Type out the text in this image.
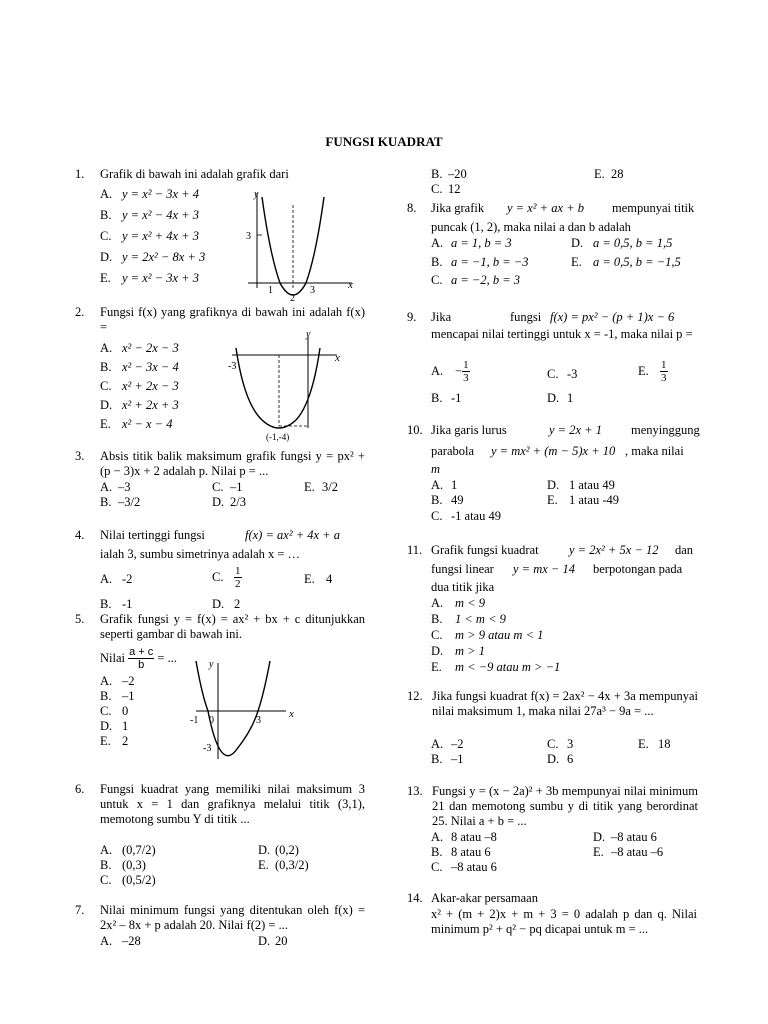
FUNGSI KUADRAT
1. Grafik di bawah ini adalah grafik dari
A. y = x² − 3x + 4
B. y = x² − 4x + 3
C. y = x² + 4x + 3
D. y = 2x² − 8x + 3
E. y = x² − 3x + 3
y
x
3
1	3
2
2. Fungsi f(x) yang grafiknya di bawah ini adalah f(x) =
A. x² − 2x − 3
B. x² − 3x − 4
C. x² + 2x − 3
D. x² + 2x + 3
E. x² − x − 4
y
x
-3
(-1,-4)
3. Absis titik balik maksimum grafik fungsi y = px² + (p − 3)x + 2 adalah p. Nilai p = ...
A. –3	C. –1	E. 3/2
B. –3/2	D. 2/3
4. Nilai tertinggi fungsi	f(x) = ax² + 4x + a
ialah 3, sumbu simetrinya adalah x = …
A. -2	C. $\frac{1}{2}$	E. 4
B. -1	D. 2
5. Grafik fungsi y = f(x) = ax² + bx + c ditunjukkan seperti gambar di bawah ini.
Nilai $\frac{a + c}{b}$ = ...
A. –2
B. –1
C. 0
D. 1
E. 2
y
x
-1 0	3
-3
6. Fungsi kuadrat yang memiliki nilai maksimum 3 untuk x = 1 dan grafiknya melalui titik (3,1), memotong sumbu Y di titik ...
A. (0,7/2)	D. (0,2)
B. (0,3)	E. (0,3/2)
C. (0,5/2)
7. Nilai minimum fungsi yang ditentukan oleh f(x) = 2x² – 8x + p adalah 20. Nilai f(2) = ...
A. –28	D. 20
B. –20	E. 28
C. 12
8. Jika grafik y = x² + ax + b mempunyai titik
puncak (1, 2), maka nilai a dan b adalah
A. a = 1, b = 3	D. a = 0,5, b = 1,5
B. a = −1, b = −3	E. a = 0,5, b = −1,5
C. a = −2, b = 3
9. Jika	fungsi f(x) = px² − (p + 1)x − 6
mencapai nilai tertinggi untuk x = -1, maka nilai p =
A. − $\frac{1}{3}$	C. -3	E. $\frac{1}{3}$
B. -1	D. 1
10. Jika garis lurus	y = 2x + 1 menyinggung
parabola y = mx² + (m − 5)x + 10 , maka nilai
m
A. 1	D. 1 atau 49
B. 49	E. 1 atau -49
C. -1 atau 49
11. Grafik fungsi kuadrat y = 2x² + 5x − 12 dan
fungsi linear y = mx − 14 berpotongan pada
dua titik jika
A. m < 9
B. 1 < m < 9
C. m > 9 atau m < 1
D. m > 1
E. m < −9 atau m > −1
12. Jika fungsi kuadrat f(x) = 2ax² − 4x + 3a mempunyai nilai maksimum 1, maka nilai 27a³ − 9a = ...
A. –2	C. 3	E. 18
B. –1	D. 6
13. Fungsi y = (x − 2a)² + 3b mempunyai nilai minimum 21 dan memotong sumbu y di titik yang berordinat 25. Nilai a + b = ...
A. 8 atau –8	D. –8 atau 6
B. 8 atau 6	E. –8 atau –6
C. –8 atau 6
14. Akar-akar persamaan
x² + (m + 2)x + m + 3 = 0 adalah p dan q. Nilai minimum p² + q² − pq dicapai untuk m = ...
